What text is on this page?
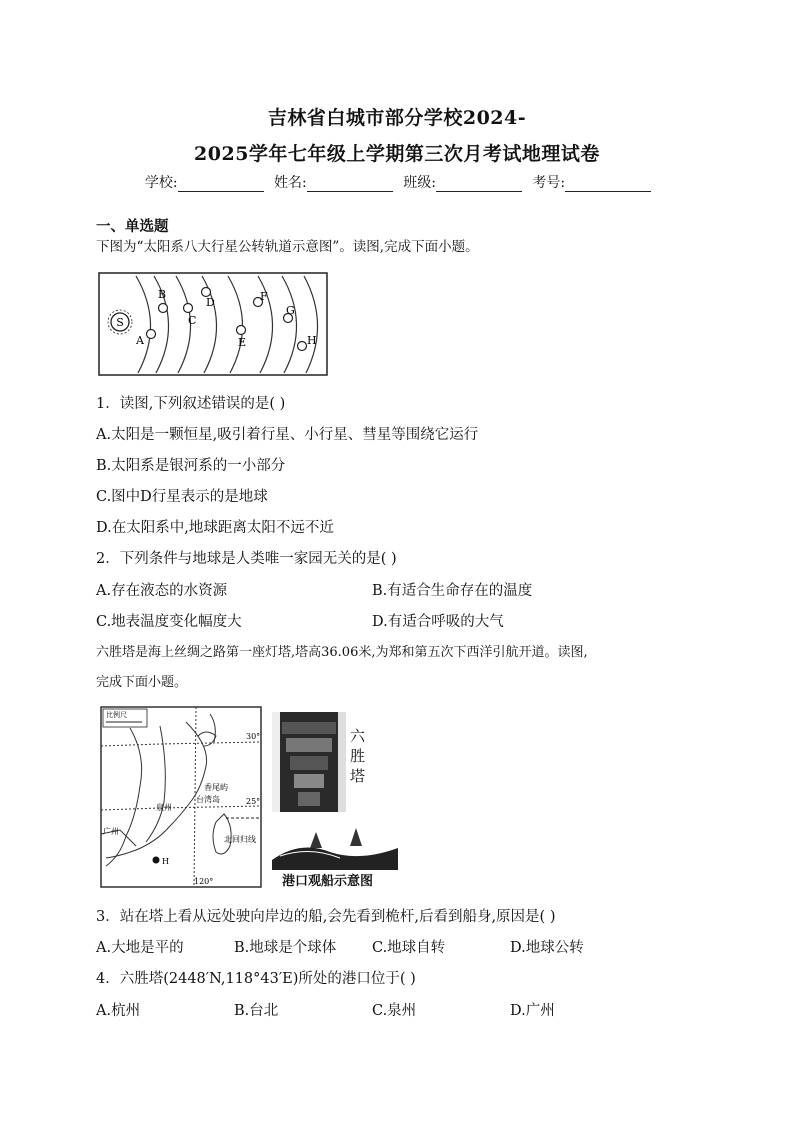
吉林省白城市部分学校2024-
2025学年七年级上学期第三次月考试地理试卷
学校:	姓名:	班级:	考号:
一、单选题
下图为“太阳系八大行星公转轨道示意图”。读图,完成下面小题。
S
A
B
C
D
E
F
G
H
1．读图,下列叙述错误的是( )
A.太阳是一颗恒星,吸引着行星、小行星、彗星等围绕它运行
B.太阳系是银河系的一小部分
C.图中D行星表示的是地球
D.在太阳系中,地球距离太阳不远不近
2．下列条件与地球是人类唯一家园无关的是( )
A.存在液态的水资源	B.有适合生命存在的温度
C.地表温度变化幅度大	D.有适合呼吸的大气
六胜塔是海上丝绸之路第一座灯塔,塔高36.06米,为郑和第五次下西洋引航开道。读图,
完成下面小题。
比例尺
30°
25°
120°
香尾屿
泉州
台湾岛
广州
H
北回归线
六
胜
塔
港口观船示意图
3．站在塔上看从远处驶向岸边的船,会先看到桅杆,后看到船身,原因是( )
A.大地是平的	B.地球是个球体 C.地球自转	D.地球公转
4．六胜塔(2448′N,118°43′E)所处的港口位于( )
A.杭州	B.台北	C.泉州	D.广州
